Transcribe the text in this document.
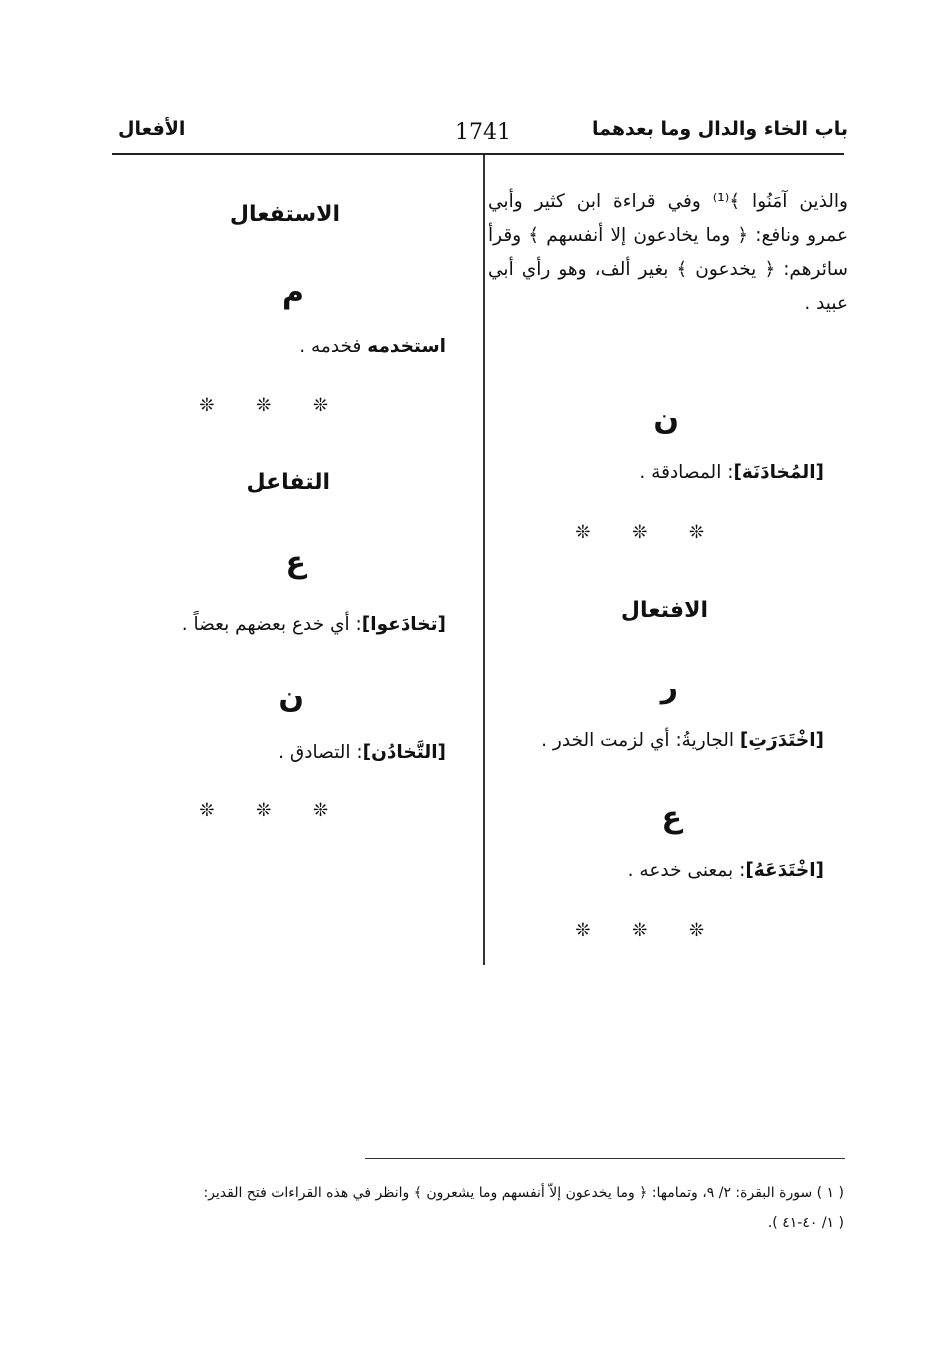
باب الخاء والدال وما بعدهما
1741
الأفعال
والذين آمَنُوا ﴾⁽¹⁾ وفي قراءة ابن كثير وأبي عمرو ونافع: ﴿ وما يخادعون إلا أنفسهم ﴾ وقرأ سائرهم: ﴿ يخدعون ﴾ بغير ألف، وهو رأي أبي عبيد .
ن
[المُخادَنَة]: المصادقة .
❊ ❊ ❊
الافتعال
ر
[اخْتَدَرَتِ] الجاريةُ: أي لزمت الخدر .
ع
[اخْتَدَعَهُ]: بمعنى خدعه .
❊ ❊ ❊
الاستفعال
م
استخدمه فخدمه .
❊ ❊ ❊
التفاعل
ع
[تخادَعوا]: أي خدع بعضهم بعضاً .
ن
[التَّخادُن]: التصادق .
❊ ❊ ❊
( ١ ) سورة البقرة: ٢/ ٩، وتمامها: ﴿ وما يخدعون إلاّ أنفسهم وما يشعرون ﴾ وانظر في هذه القراءات فتح القدير:
( ١/ ٤٠-٤١ ).
